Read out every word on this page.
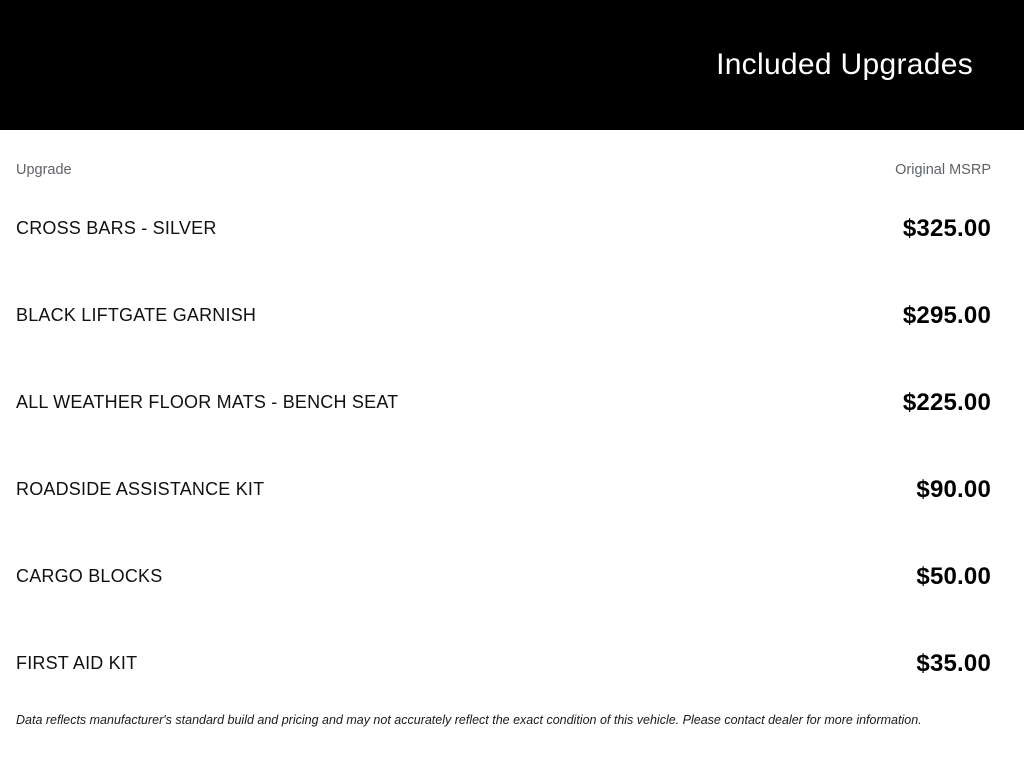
Included Upgrades
Upgrade	Original MSRP
CROSS BARS - SILVER	$325.00
BLACK LIFTGATE GARNISH	$295.00
ALL WEATHER FLOOR MATS - BENCH SEAT	$225.00
ROADSIDE ASSISTANCE KIT	$90.00
CARGO BLOCKS	$50.00
FIRST AID KIT	$35.00
Data reflects manufacturer's standard build and pricing and may not accurately reflect the exact condition of this vehicle. Please contact dealer for more information.
